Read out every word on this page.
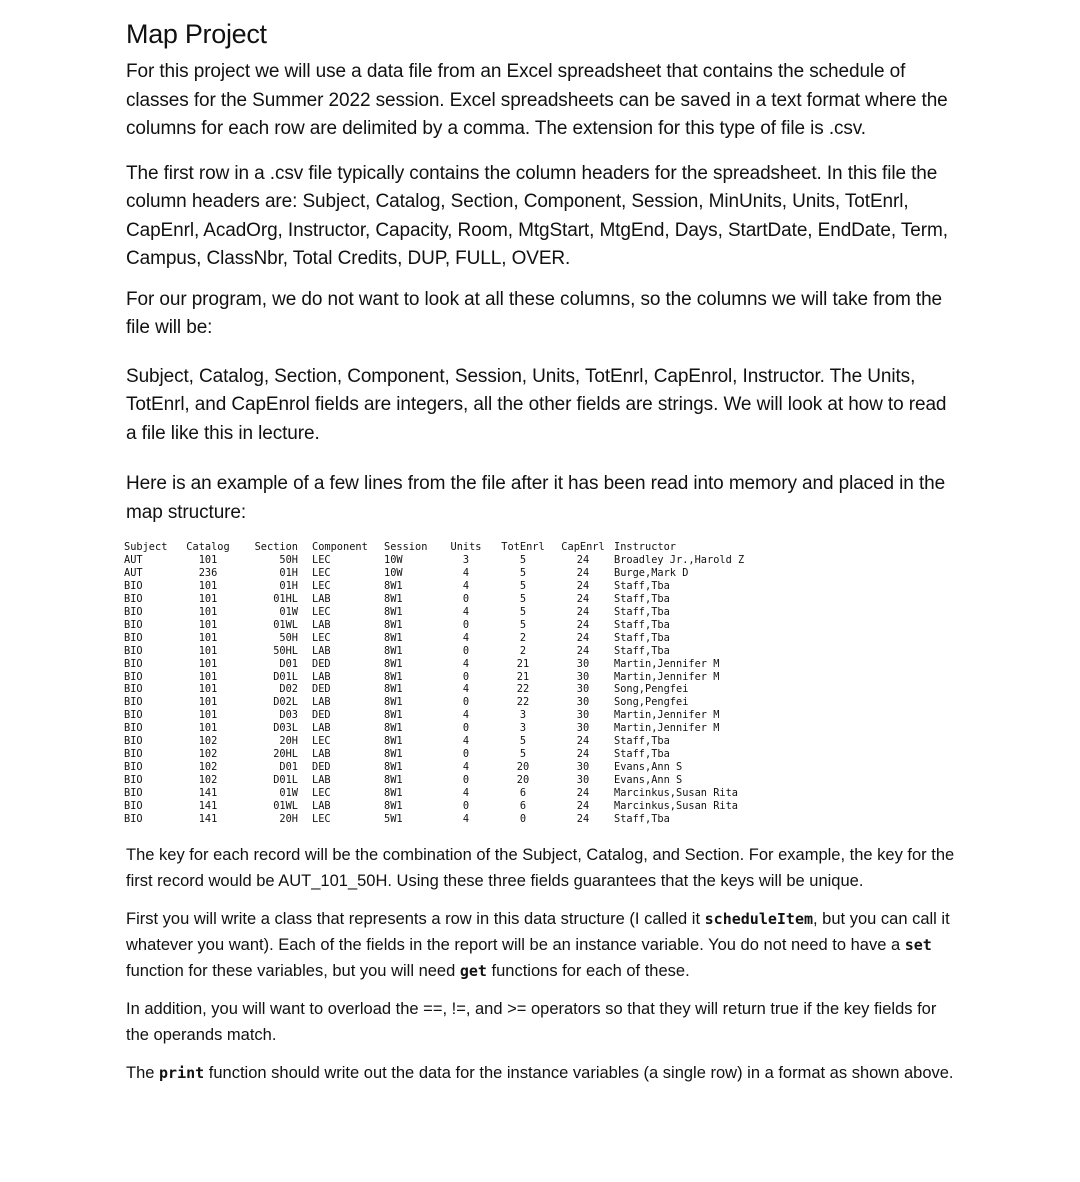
Map Project

For this project we will use a data file from an Excel spreadsheet that contains the schedule of classes for the Summer 2022 session. Excel spreadsheets can be saved in a text format where the columns for each row are delimited by a comma. The extension for this type of file is .csv.

The first row in a .csv file typically contains the column headers for the spreadsheet. In this file the column headers are: Subject, Catalog, Section, Component, Session, MinUnits, Units, TotEnrl, CapEnrl, AcadOrg, Instructor, Capacity, Room, MtgStart, MtgEnd, Days, StartDate, EndDate, Term, Campus, ClassNbr, Total Credits, DUP, FULL, OVER.

For our program, we do not want to look at all these columns, so the columns we will take from the file will be:

Subject, Catalog, Section, Component, Session, Units, TotEnrl, CapEnrol, Instructor. The Units, TotEnrl, and CapEnrol fields are integers, all the other fields are strings. We will look at how to read a file like this in lecture.

Here is an example of a few lines from the file after it has been read into memory and placed in the map structure:

Subject	Catalog	Section	Component	Session	Units	TotEnrl	CapEnrl	Instructor
AUT	101	50H	LEC	10W	3	5	24	Broadley Jr.,Harold Z
AUT	236	01H	LEC	10W	4	5	24	Burge,Mark D
BIO	101	01H	LEC	8W1	4	5	24	Staff,Tba
BIO	101	01HL	LAB	8W1	0	5	24	Staff,Tba
BIO	101	01W	LEC	8W1	4	5	24	Staff,Tba
BIO	101	01WL	LAB	8W1	0	5	24	Staff,Tba
BIO	101	50H	LEC	8W1	4	2	24	Staff,Tba
BIO	101	50HL	LAB	8W1	0	2	24	Staff,Tba
BIO	101	D01	DED	8W1	4	21	30	Martin,Jennifer M
BIO	101	D01L	LAB	8W1	0	21	30	Martin,Jennifer M
BIO	101	D02	DED	8W1	4	22	30	Song,Pengfei
BIO	101	D02L	LAB	8W1	0	22	30	Song,Pengfei
BIO	101	D03	DED	8W1	4	3	30	Martin,Jennifer M
BIO	101	D03L	LAB	8W1	0	3	30	Martin,Jennifer M
BIO	102	20H	LEC	8W1	4	5	24	Staff,Tba
BIO	102	20HL	LAB	8W1	0	5	24	Staff,Tba
BIO	102	D01	DED	8W1	4	20	30	Evans,Ann S
BIO	102	D01L	LAB	8W1	0	20	30	Evans,Ann S
BIO	141	01W	LEC	8W1	4	6	24	Marcinkus,Susan Rita
BIO	141	01WL	LAB	8W1	0	6	24	Marcinkus,Susan Rita
BIO	141	20H	LEC	5W1	4	0	24	Staff,Tba

The key for each record will be the combination of the Subject, Catalog, and Section. For example, the key for the first record would be AUT_101_50H. Using these three fields guarantees that the keys will be unique.

First you will write a class that represents a row in this data structure (I called it scheduleItem, but you can call it whatever you want). Each of the fields in the report will be an instance variable. You do not need to have a set function for these variables, but you will need get functions for each of these.

In addition, you will want to overload the ==, !=, and >= operators so that they will return true if the key fields for the operands match.

The print function should write out the data for the instance variables (a single row) in a format as shown above.
